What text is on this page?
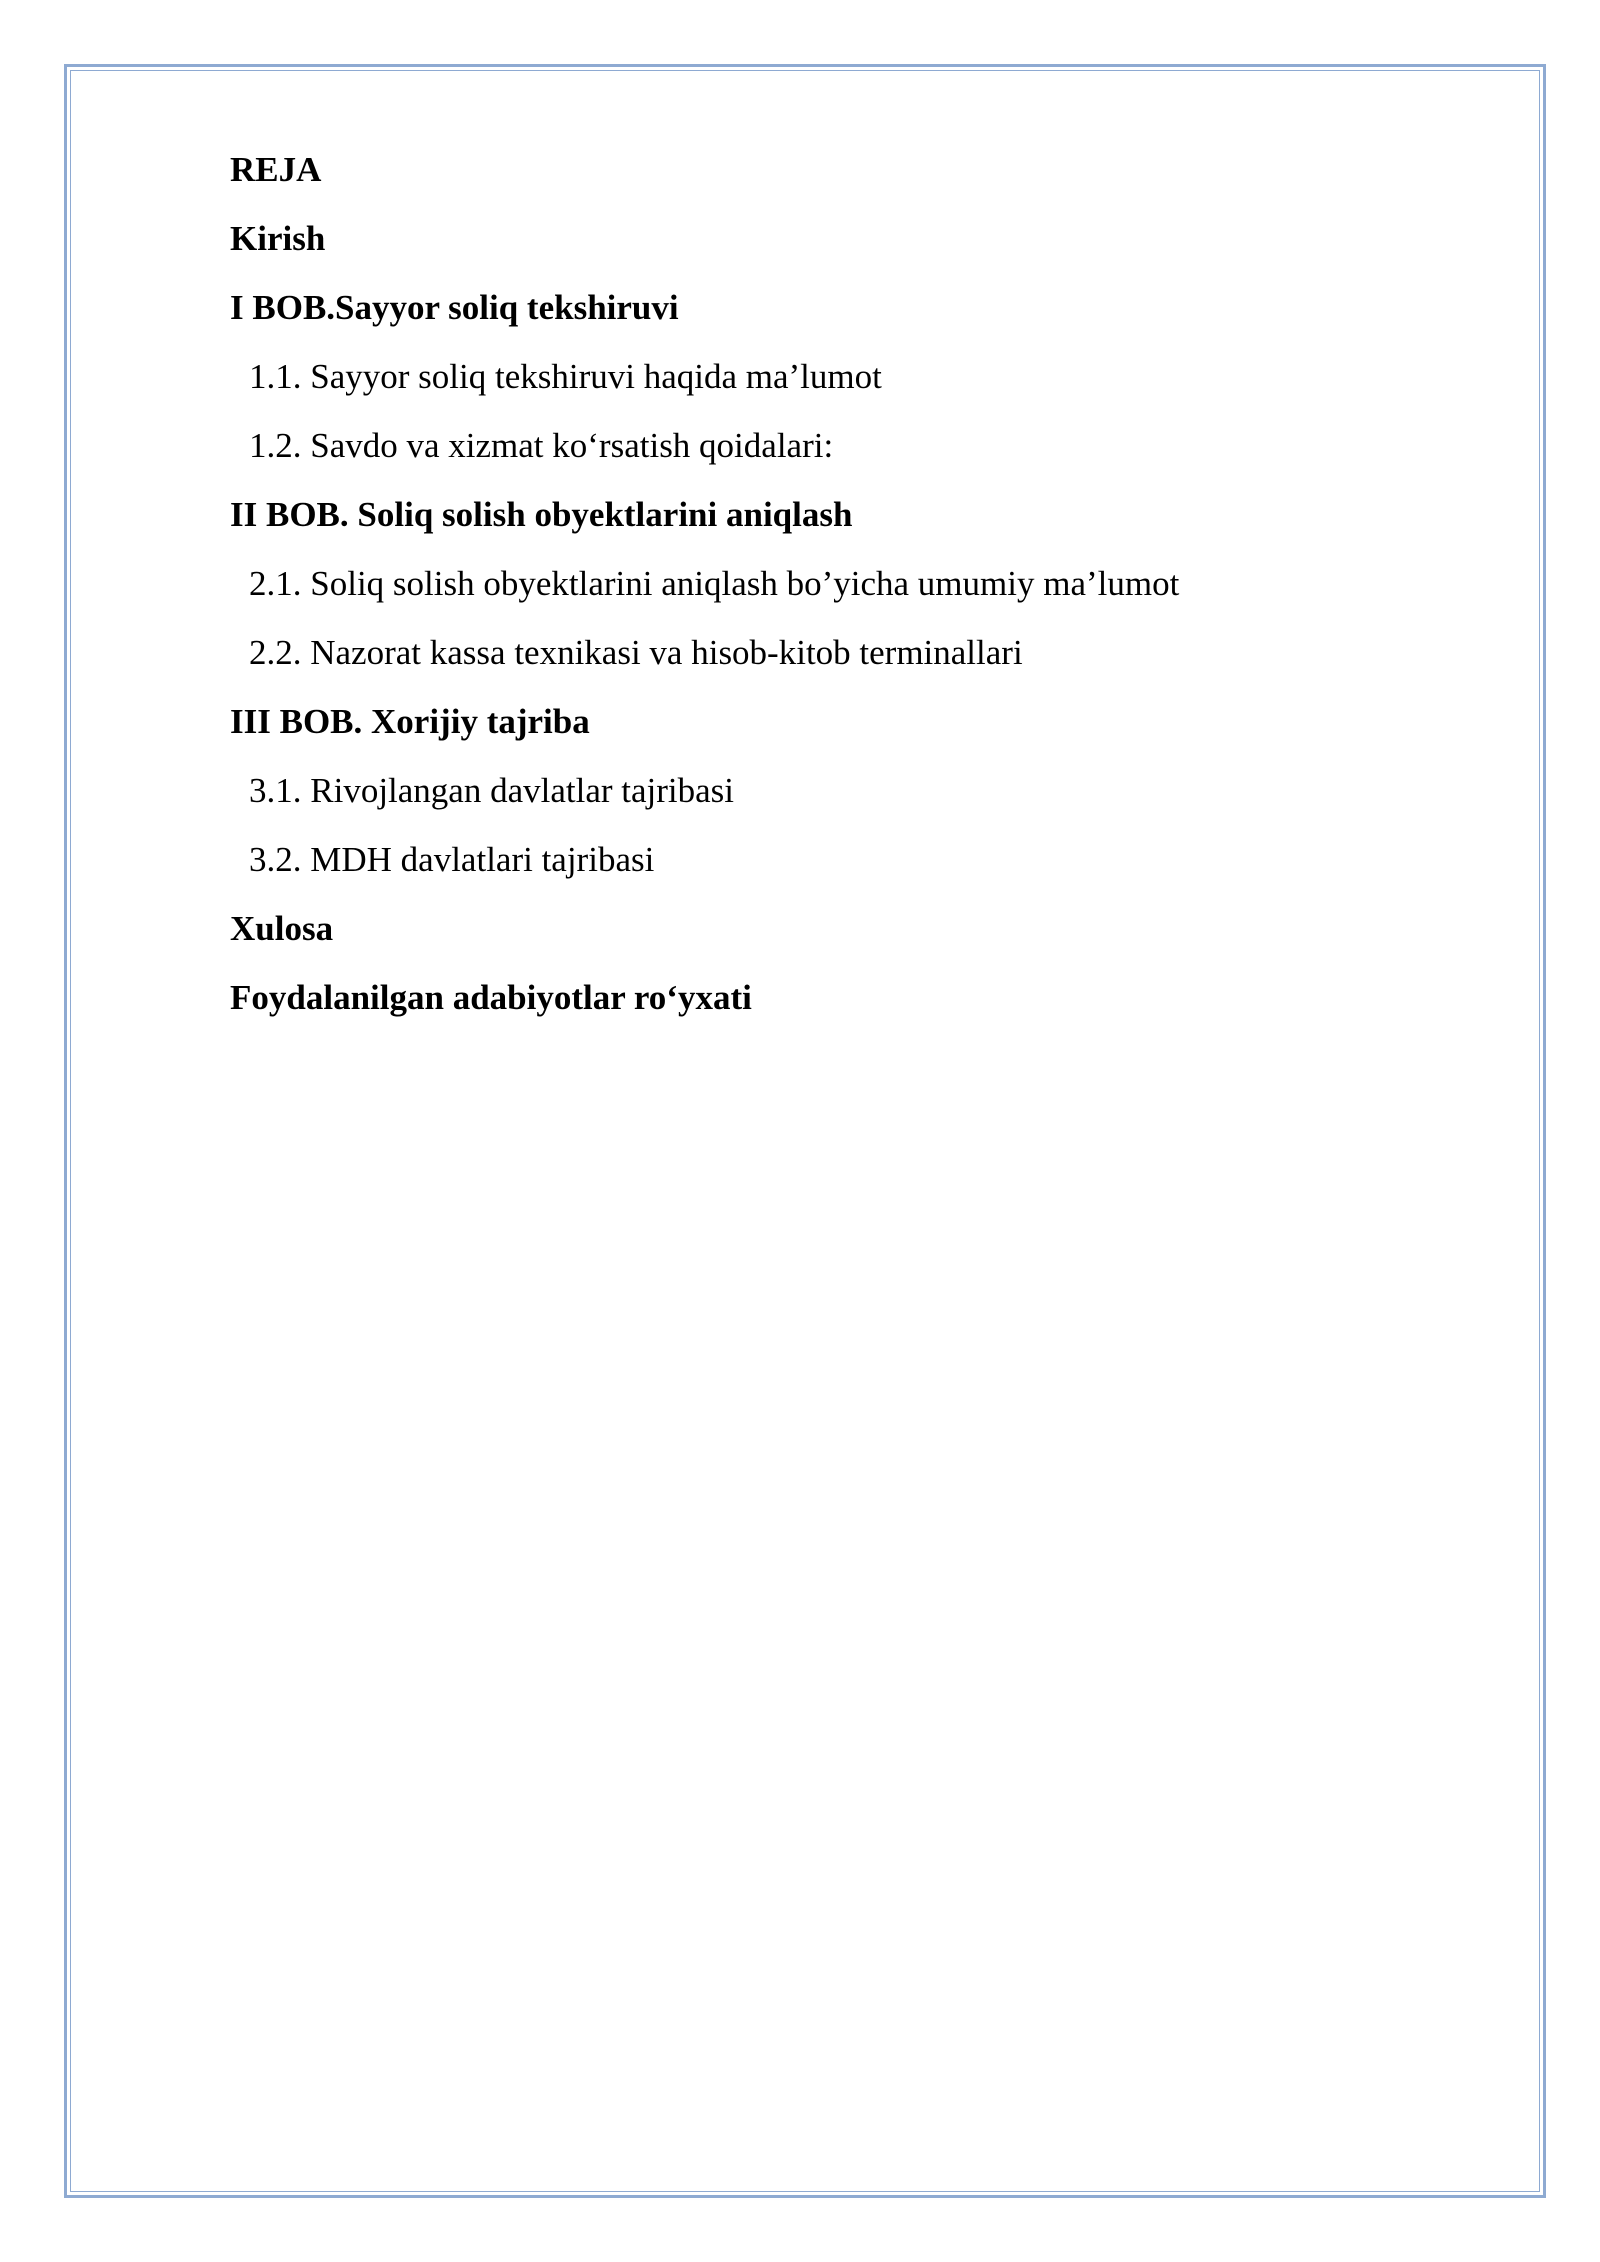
REJA
Kirish
I BOB.Sayyor soliq tekshiruvi
1.1. Sayyor soliq tekshiruvi haqida ma’lumot
1.2. Savdo va xizmat ko‘rsatish qoidalari:
II BOB. Soliq solish obyektlarini aniqlash
2.1. Soliq solish obyektlarini aniqlash bo’yicha umumiy ma’lumot
2.2. Nazorat kassa texnikasi va hisob-kitob terminallari
III BOB. Xorijiy tajriba
3.1. Rivojlangan davlatlar tajribasi
3.2. MDH davlatlari tajribasi
Xulosa
Foydalanilgan adabiyotlar ro‘yxati
